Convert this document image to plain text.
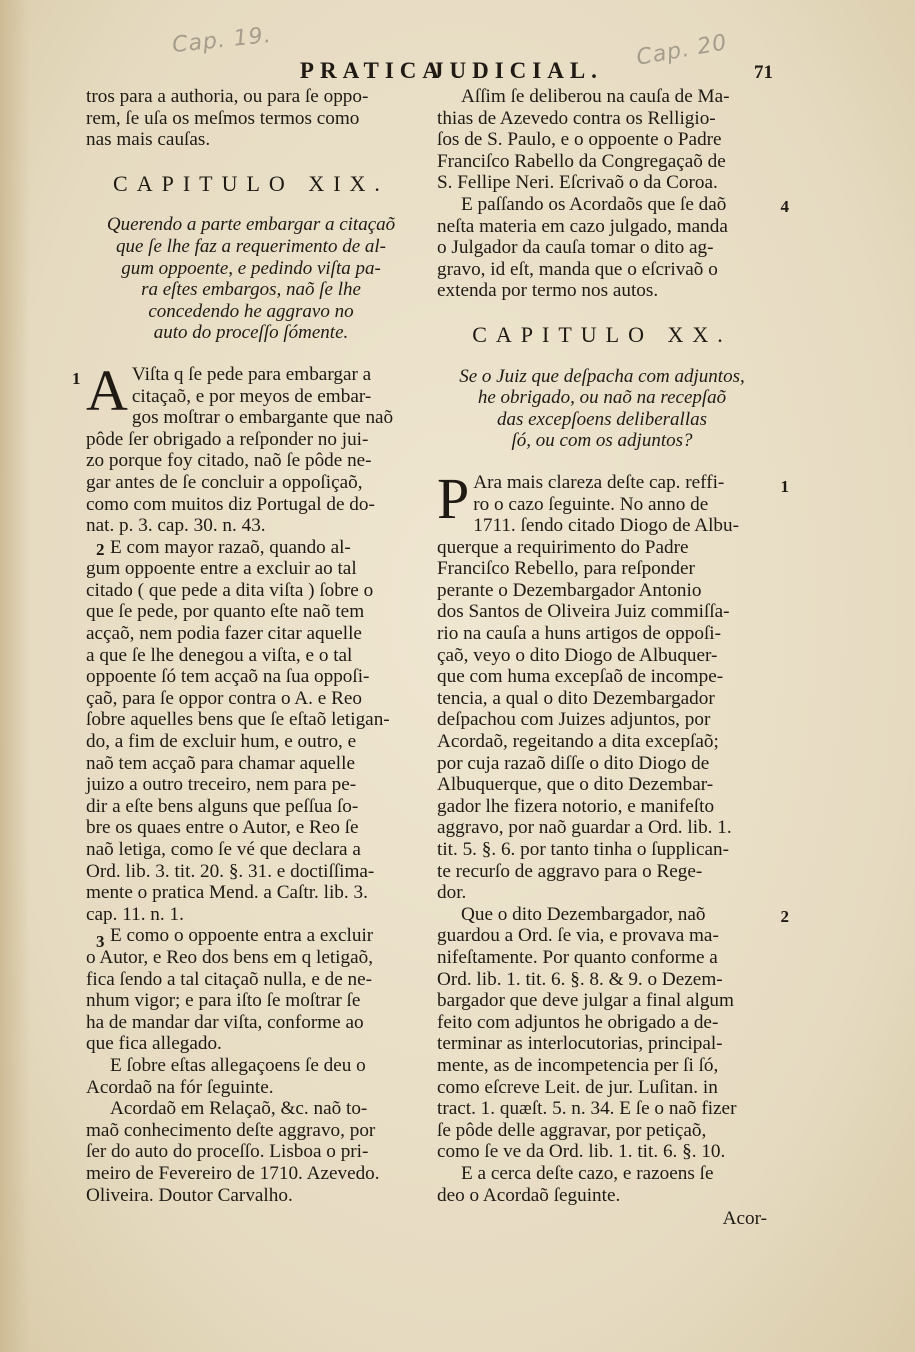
Cap. 19.	Cap. 20
PRATICA
JUDICIAL.	71
tros para a authoria, ou para ſe oppo-
rem, ſe uſa os meſmos termos como
nas mais cauſas.
CAPITULO XIX.
Querendo a parte embargar a citaçaõ
que ſe lhe faz a requerimento de al-
gum oppoente, e pedindo viſta pa-
ra eſtes embargos, naõ ſe lhe
concedendo he aggravo no
auto do proceſſo ſómente.

1 A Viſta q ſe pede para embargar a
citaçaõ, e por meyos de embar-
gos moſtrar o embargante que naõ
pôde ſer obrigado a reſponder no jui-
zo porque foy citado, naõ ſe pôde ne-
gar antes de ſe concluir a oppoſiçaõ,
como com muitos diz Portugal de do-
nat. p. 3. cap. 30. n. 43.

2 E com mayor razaõ, quando al-
gum oppoente entre a excluir ao tal
citado ( que pede a dita viſta ) ſobre o
que ſe pede, por quanto eſte naõ tem
acçaõ, nem podia fazer citar aquelle
a que ſe lhe denegou a viſta, e o tal
oppoente ſó tem acçaõ na ſua oppoſi-
çaõ, para ſe oppor contra o A. e Reo
ſobre aquelles bens que ſe eſtaõ letigan-
do, a fim de excluir hum, e outro, e
naõ tem acçaõ para chamar aquelle
juizo a outro treceiro, nem para pe-
dir a eſte bens alguns que peſſua ſo-
bre os quaes entre o Autor, e Reo ſe
naõ letiga, como ſe vé que declara a
Ord. lib. 3. tit. 20. §. 31. e doctiſſima-
mente o pratica Mend. a Caſtr. lib. 3.
cap. 11. n. 1.

3 E como o oppoente entra a excluir
o Autor, e Reo dos bens em q letigaõ,
fica ſendo a tal citaçaõ nulla, e de ne-
nhum vigor; e para iſto ſe moſtrar ſe
ha de mandar dar viſta, conforme ao
que fica allegado.

E ſobre eſtas allegaçoens ſe deu o
Acordaõ na fór ſeguinte.

Acordaõ em Relaçaõ, &c. naõ to-
maõ conhecimento deſte aggravo, por
ſer do auto do proceſſo. Lisboa o pri-
meiro de Fevereiro de 1710. Azevedo.
Oliveira. Doutor Carvalho.

Aſſim ſe deliberou na cauſa de Ma-
thias de Azevedo contra os Relligio-
ſos de S. Paulo, e o oppoente o Padre
Franciſco Rabello da Congregaçaõ de
S. Fellipe Neri. Eſcrivaõ o da Coroa.

4
E paſſando os Acordaõs que ſe daõ
neſta materia em cazo julgado, manda
o Julgador da cauſa tomar o dito ag-
gravo, id eſt, manda que o eſcrivaõ o
extenda por termo nos autos.

CAPITULO XX.
Se o Juiz que deſpacha com adjuntos,
he obrigado, ou naõ na recepſaõ
das excepſoens deliberallas
ſó, ou com os adjuntos?

1
P Ara mais clareza deſte cap. reffi-
ro o cazo ſeguinte. No anno de
1711. ſendo citado Diogo de Albu-
querque a requirimento do Padre
Franciſco Rebello, para reſponder
perante o Dezembargador Antonio
dos Santos de Oliveira Juiz commiſſa-
rio na cauſa a huns artigos de oppoſi-
çaõ, veyo o dito Diogo de Albuquer-
que com huma excepſaõ de incompe-
tencia, a qual o dito Dezembargador
deſpachou com Juizes adjuntos, por
Acordaõ, regeitando a dita excepſaõ;
por cuja razaõ diſſe o dito Diogo de
Albuquerque, que o dito Dezembar-
gador lhe fizera notorio, e manifeſto
aggravo, por naõ guardar a Ord. lib. 1.
tit. 5. §. 6. por tanto tinha o ſupplican-
te recurſo de aggravo para o Rege-
dor.

2
Que o dito Dezembargador, naõ
guardou a Ord. ſe via, e provava ma-
nifeſtamente. Por quanto conforme a
Ord. lib. 1. tit. 6. §. 8. & 9. o Dezem-
bargador que deve julgar a final algum
feito com adjuntos he obrigado a de-
terminar as interlocutorias, principal-
mente, as de incompetencia per ſi ſó,
como eſcreve Leit. de jur. Luſitan. in
tract. 1. quæſt. 5. n. 34. E ſe o naõ fizer
ſe pôde delle aggravar, por petiçaõ,
como ſe ve da Ord. lib. 1. tit. 6. §. 10.

E a cerca deſte cazo, e razoens ſe
deo o Acordaõ ſeguinte.

Acor-
